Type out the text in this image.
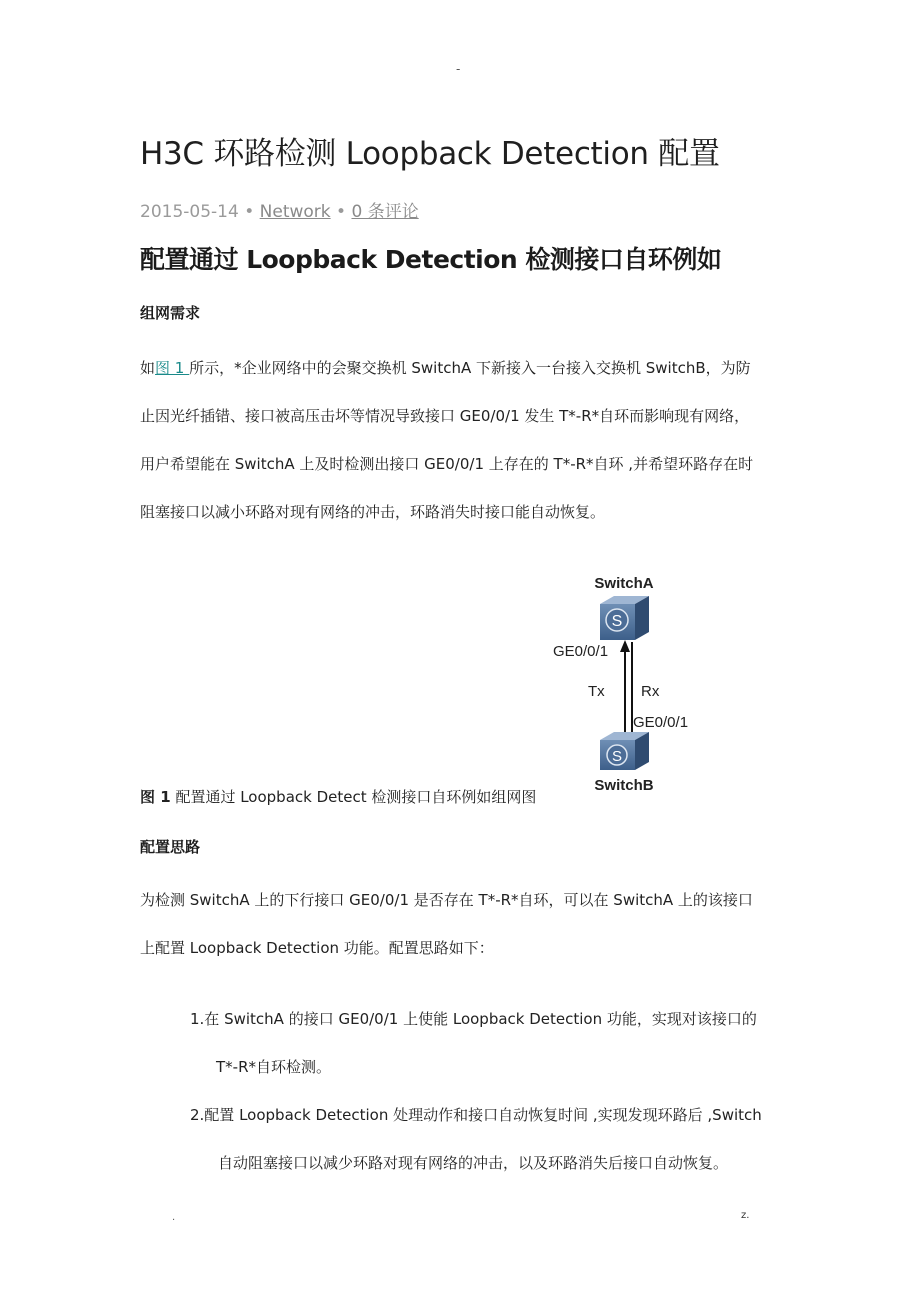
-
H3C 环路检测 Loopback Detection 配置
2015-05-14 • Network • 0 条评论
配置通过 Loopback Detection 检测接口自环例如
组网需求
如图 1 所示，*企业网络中的会聚交换机 SwitchA 下新接入一台接入交换机 SwitchB，为防
止因光纤插错、接口被高压击坏等情况导致接口 GE0/0/1 发生 T*-R*自环而影响现有网络，
用户希望能在 SwitchA 上及时检测出接口 GE0/0/1 上存在的 T*-R*自环 ,并希望环路存在时
阻塞接口以减小环路对现有网络的冲击，环路消失时接口能自动恢复。
SwitchA
S
GE0/0/1
Tx Rx
GE0/0/1
S
SwitchB
图 1 配置通过 Loopback Detect 检测接口自环例如组网图
配置思路
为检测 SwitchA 上的下行接口 GE0/0/1 是否存在 T*-R*自环，可以在 SwitchA 上的该接口
上配置 Loopback Detection 功能。配置思路如下：
1.在 SwitchA 的接口 GE0/0/1 上使能 Loopback Detection 功能，实现对该接口的
T*-R*自环检测。
2.配置 Loopback Detection 处理动作和接口自动恢复时间 ,实现发现环路后 ,Switch
自动阻塞接口以减少环路对现有网络的冲击，以及环路消失后接口自动恢复。
.	z.
